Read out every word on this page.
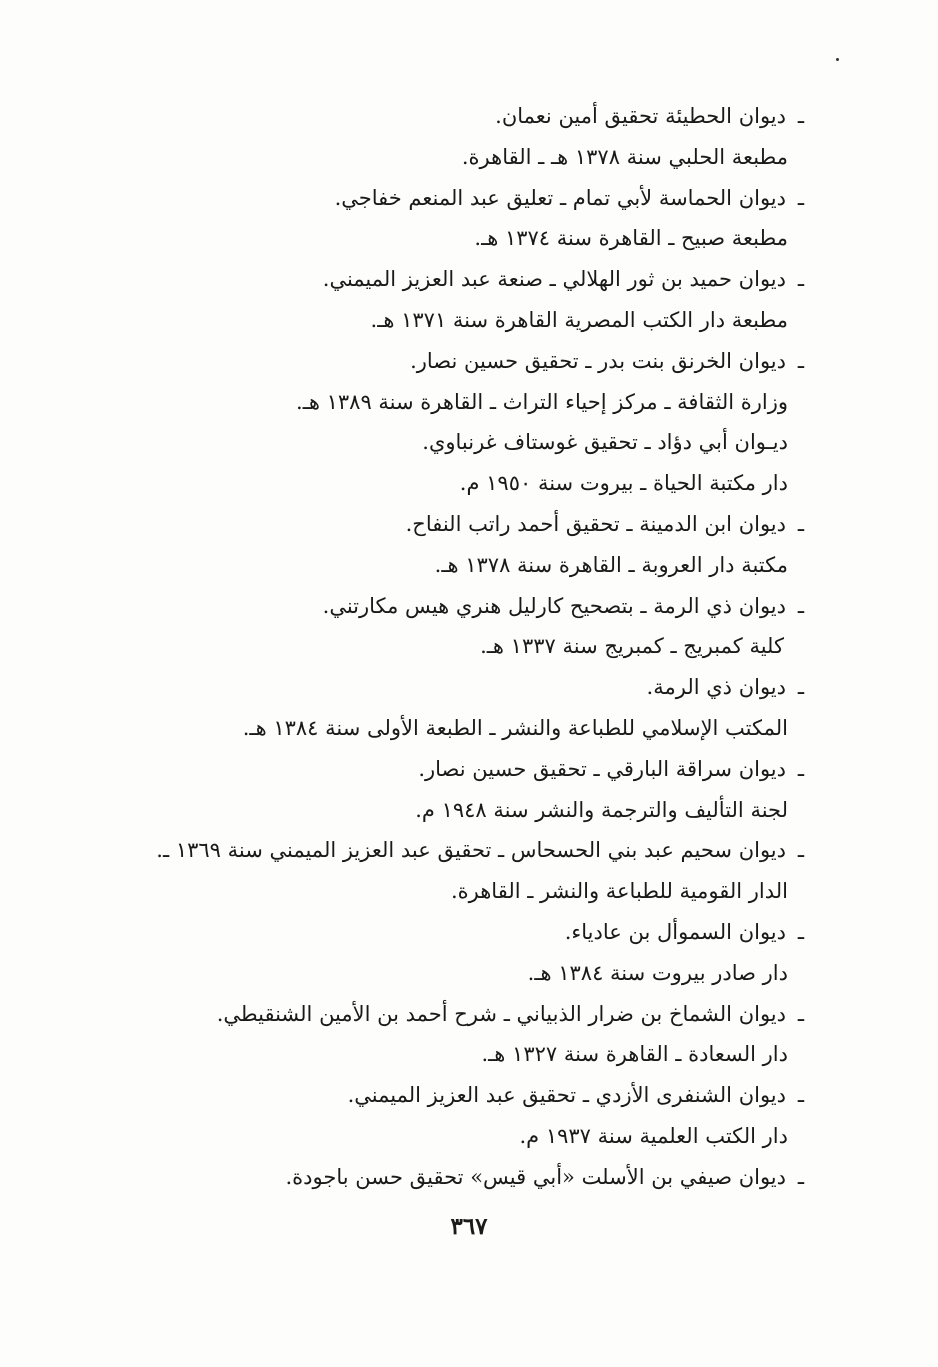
ـديوان الحطيئة تحقيق أمين نعمان.
مطبعة الحلبي سنة ١٣٧٨ هـ ـ القاهرة.
ـديوان الحماسة لأبي تمام ـ تعليق عبد المنعم خفاجي.
مطبعة صبيح ـ القاهرة سنة ١٣٧٤ هـ.
ـديوان حميد بن ثور الهلالي ـ صنعة عبد العزيز الميمني.
مطبعة دار الكتب المصرية القاهرة سنة ١٣٧١ هـ.
ـديوان الخرنق بنت بدر ـ تحقيق حسين نصار.
وزارة الثقافة ـ مركز إحياء التراث ـ القاهرة سنة ١٣٨٩ هـ.
ديـوان أبي دؤاد ـ تحقيق غوستاف غرنباوي.
دار مكتبة الحياة ـ بيروت سنة ١٩٥٠ م.
ـديوان ابن الدمينة ـ تحقيق أحمد راتب النفاح.
مكتبة دار العروبة ـ القاهرة سنة ١٣٧٨ هـ.
ـديوان ذي الرمة ـ بتصحيح كارليل هنري هيس مكارتني.
كلية كمبريج ـ كمبريج سنة ١٣٣٧ هـ.
ـديوان ذي الرمة.
المكتب الإسلامي للطباعة والنشر ـ الطبعة الأولى سنة ١٣٨٤ هـ.
ـديوان سراقة البارقي ـ تحقيق حسين نصار.
لجنة التأليف والترجمة والنشر سنة ١٩٤٨ م.
ـديوان سحيم عبد بني الحسحاس ـ تحقيق عبد العزيز الميمني سنة ١٣٦٩ ـ.
الدار القومية للطباعة والنشر ـ القاهرة.
ـديوان السموأل بن عادياء.
دار صادر بيروت سنة ١٣٨٤ هـ.
ـديوان الشماخ بن ضرار الذبياني ـ شرح أحمد بن الأمين الشنقيطي.
دار السعادة ـ القاهرة سنة ١٣٢٧ هـ.
ـديوان الشنفرى الأزدي ـ تحقيق عبد العزيز الميمني.
دار الكتب العلمية سنة ١٩٣٧ م.
ـديوان صيفي بن الأسلت «أبي قيس» تحقيق حسن باجودة.
٣٦٧
